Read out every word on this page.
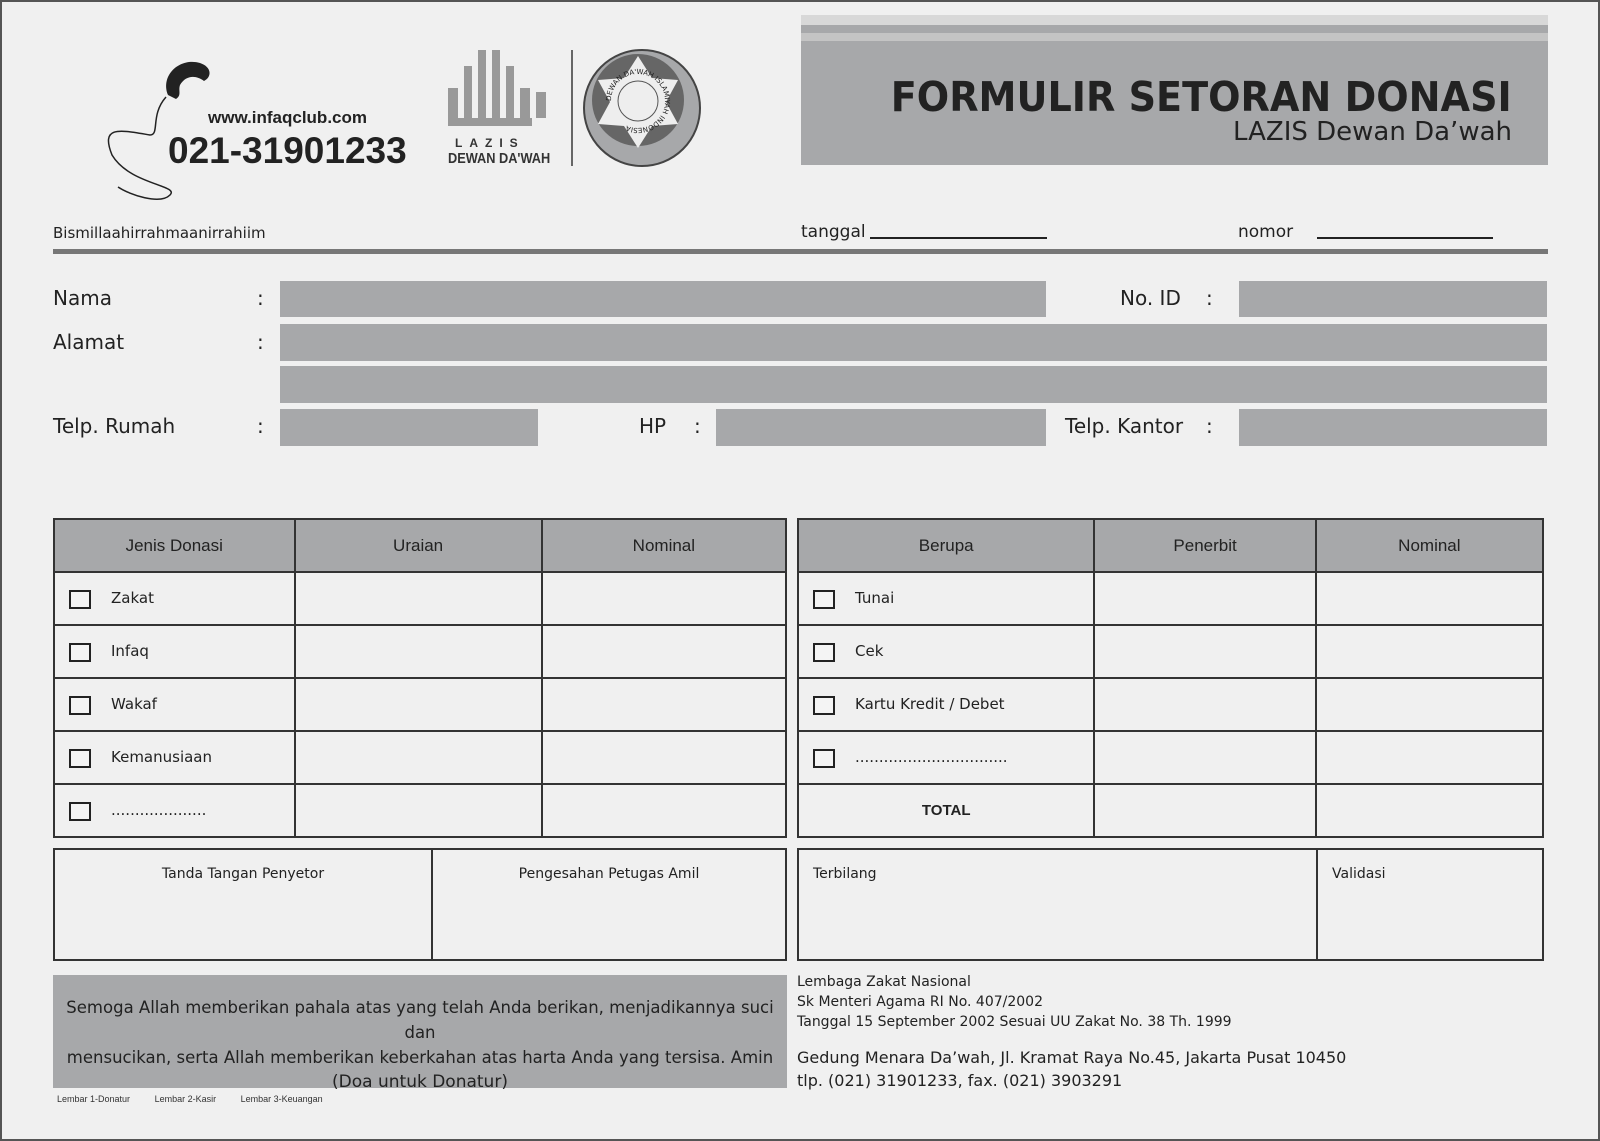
www.infaqclub.com
021-31901233	LAZIS
DEWAN DA'WAH
DEWAN DA'WAH ISLAMIYAH INDONESIA
FORMULIR SETORAN DONASI
LAZIS Dewan Da’wah
Bismillaahirrahmaanirrahiim	tanggal	nomor
Nama	:	No. ID :
Alamat	:
Telp. Rumah	:	HP :	Telp. Kantor :
Jenis Donasi	Uraian	Nominal
Zakat		
Infaq		
Wakaf		
Kemanusiaan		
....................		
Berupa	Penerbit	Nominal
Tunai		
Cek		
Kartu Kredit / Debet		
................................		
TOTAL		
Tanda Tangan Penyetor	Pengesahan Petugas Amil	Terbilang	Validasi
Semoga Allah memberikan pahala atas yang telah Anda berikan, menjadikannya suci dan
mensucikan, serta Allah memberikan keberkahan atas harta Anda yang tersisa. Amin
(Doa untuk Donatur)
Lembaga Zakat Nasional
Sk Menteri Agama RI No. 407/2002
Tanggal 15 September 2002 Sesuai UU Zakat No. 38 Th. 1999
Gedung Menara Da’wah, Jl. Kramat Raya No.45, Jakarta Pusat 10450
tlp. (021) 31901233, fax. (021) 3903291
Lembar 1-Donatur	Lembar 2-Kasir	Lembar 3-Keuangan
